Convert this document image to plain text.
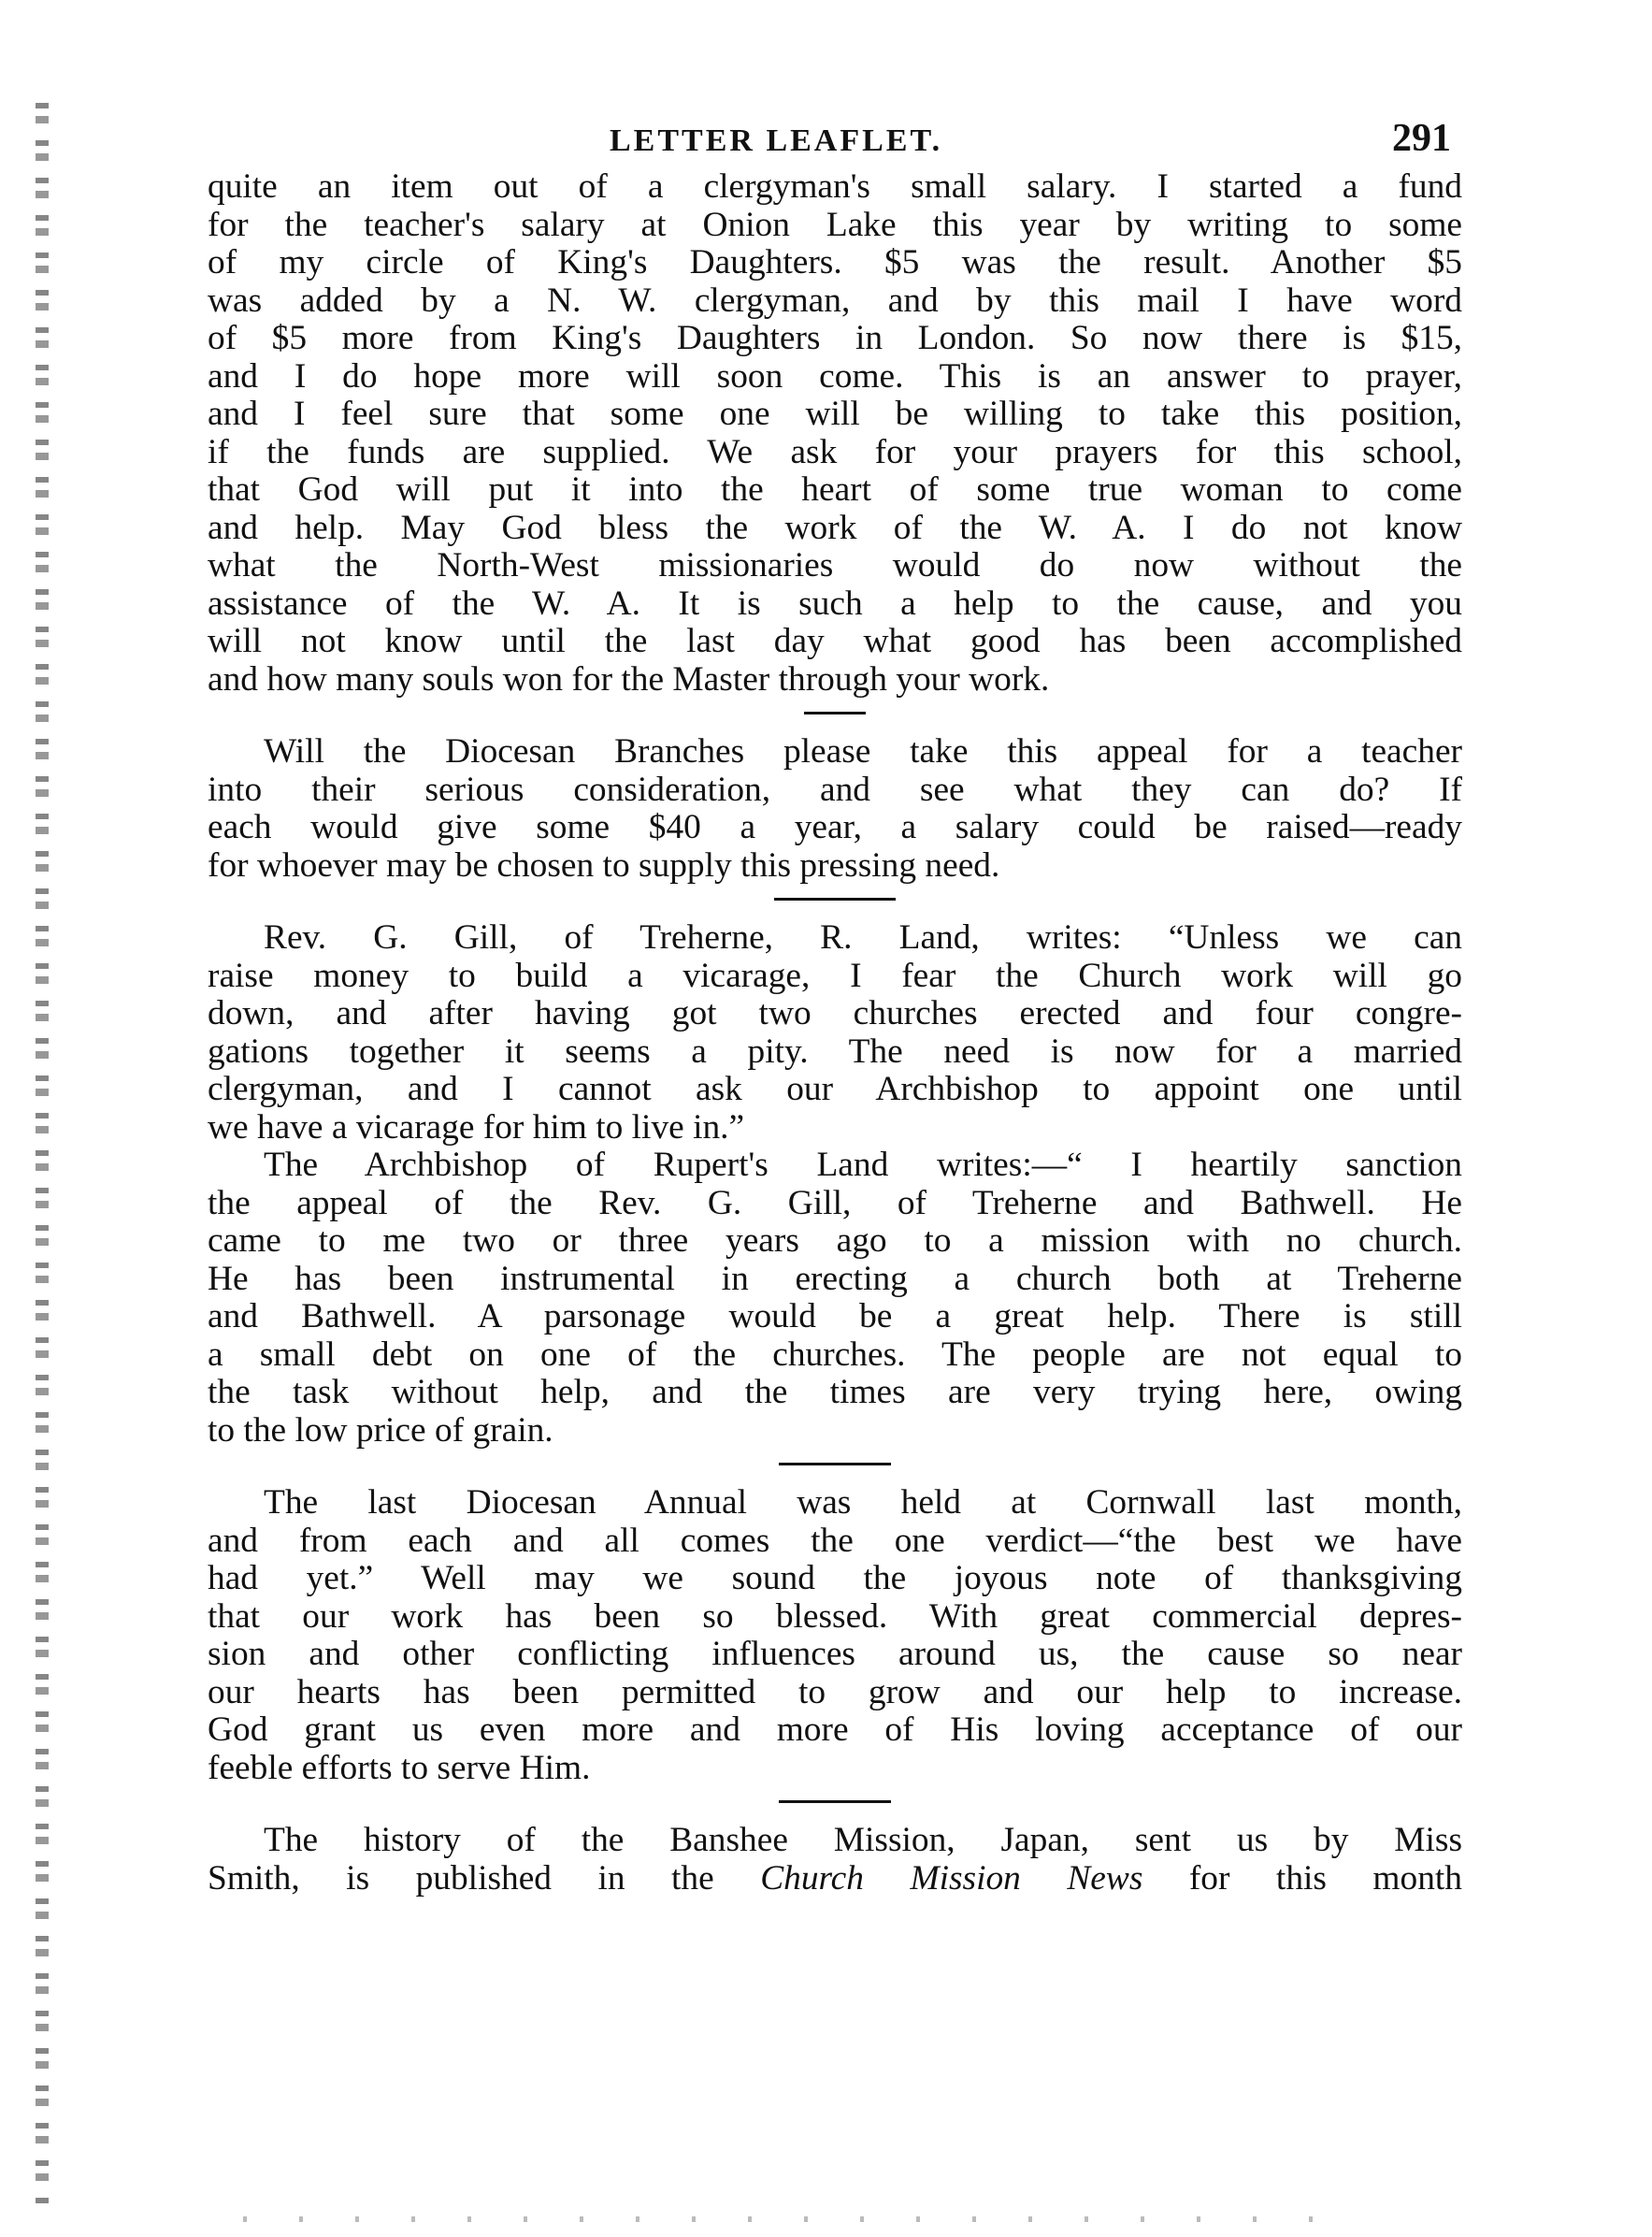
LETTER LEAFLET.	291

quite an item out of a clergyman's small salary. I started a fund
for the teacher's salary at Onion Lake this year by writing to some
of my circle of King's Daughters. $5 was the result. Another $5
was added by a N. W. clergyman, and by this mail I have word
of $5 more from King's Daughters in London. So now there is $15,
and I do hope more will soon come. This is an answer to prayer,
and I feel sure that some one will be willing to take this position,
if the funds are supplied. We ask for your prayers for this school,
that God will put it into the heart of some true woman to come
and help. May God bless the work of the W. A. I do not know
what the North-West missionaries would do now without the
assistance of the W. A. It is such a help to the cause, and you
will not know until the last day what good has been accomplished
and how many souls won for the Master through your work.

Will the Diocesan Branches please take this appeal for a teacher
into their serious consideration, and see what they can do? If
each would give some $40 a year, a salary could be raised—ready
for whoever may be chosen to supply this pressing need.

Rev. G. Gill, of Treherne, R. Land, writes: “Unless we can
raise money to build a vicarage, I fear the Church work will go
down, and after having got two churches erected and four congre-
gations together it seems a pity. The need is now for a married
clergyman, and I cannot ask our Archbishop to appoint one until
we have a vicarage for him to live in.”

The Archbishop of Rupert's Land writes:—“ I heartily sanction
the appeal of the Rev. G. Gill, of Treherne and Bathwell. He
came to me two or three years ago to a mission with no church.
He has been instrumental in erecting a church both at Treherne
and Bathwell. A parsonage would be a great help. There is still
a small debt on one of the churches. The people are not equal to
the task without help, and the times are very trying here, owing
to the low price of grain.

The last Diocesan Annual was held at Cornwall last month,
and from each and all comes the one verdict—“the best we have
had yet.” Well may we sound the joyous note of thanksgiving
that our work has been so blessed. With great commercial depres-
sion and other conflicting influences around us, the cause so near
our hearts has been permitted to grow and our help to increase.
God grant us even more and more of His loving acceptance of our
feeble efforts to serve Him.

The history of the Banshee Mission, Japan, sent us by Miss
Smith, is published in the Church Mission News for this month
